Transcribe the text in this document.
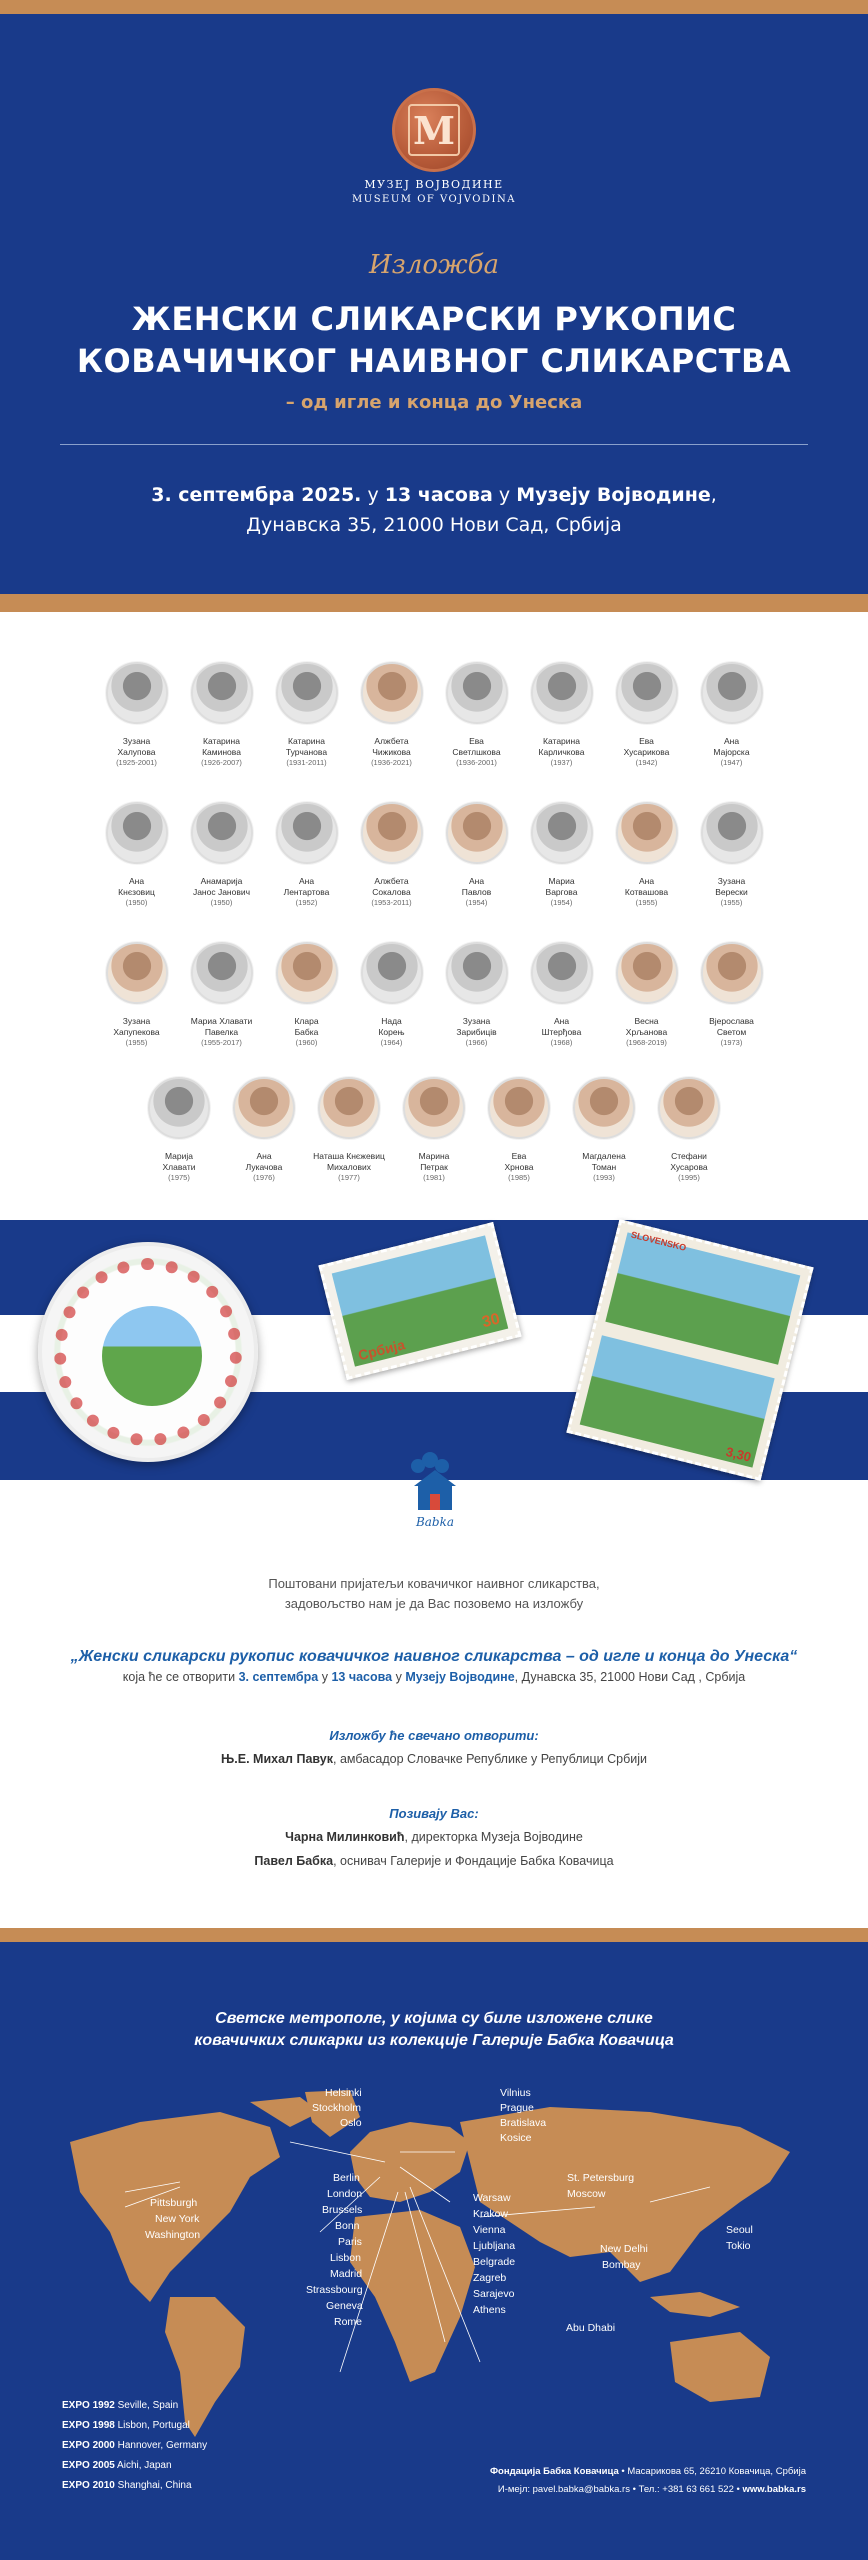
М
МУЗЕЈ ВОЈВОДИНЕ
MUSEUM OF VOJVODINA
Изложба
ЖЕНСКИ СЛИКАРСКИ РУКОПИС
КОВАЧИЧКОГ НАИВНОГ СЛИКАРСТВА
– од игле и конца до Унеска
3. септембра 2025. у 13 часова у Музеју Војводине,
Дунавска 35, 21000 Нови Сад, Србија
Зузана
Халупова
(1925-2001)
Катарина
Каминова
(1926-2007)
Катарина
Турчанова
(1931-2011)
Алжбета
Чижикова
(1936-2021)
Ева
Светлшкова
(1936-2001)
Катарина
Карличкова
(1937)
Ева
Хусарикова
(1942)
Ана
Мајорска
(1947)
Ана
Кнєзовиц
(1950)
Анамарија
Јанос Јанович
(1950)
Ана
Лентартова
(1952)
Алжбета
Сокалова
(1953-2011)
Ана
Павлов
(1954)
Мариа
Варгова
(1954)
Ана
Котвашова
(1955)
Зузана
Верески
(1955)
Зузана
Хапупекова
(1955)
Мариа Хлавати
Павелка
(1955-2017)
Клара
Бабка
(1960)
Нада
Корењ
(1964)
Зузана
Зарибиців
(1966)
Ана
Штерђова
(1968)
Весна
Хрљанова
(1968-2019)
Вјерослава
Светом
(1973)
Марија
Хлавати
(1975)
Ана
Лукачова
(1976)
Наташа Кнєжевиц
Михалових
(1977)
Марина
Петрак
(1981)
Ева
Хрнова
(1985)
Магдалена
Томан
(1993)
Стефани
Хусарова
(1995)
Србија
30
SLOVENSKO
3,30
Babka
Поштовани пријатељи ковачичког наивног сликарства,
задовољство нам је да Вас позовемо на изложбу
„Женски сликарски рукопис ковачичког наивног сликарства – од игле и конца до Унеска“
која ће се отворити 3. септембра у 13 часова у Музеју Војводине, Дунавска 35, 21000 Нови Сад , Србија
Изложбу ће свечано отворити:
Њ.Е. Михал Павук, амбасадор Словачке Републике у Републици Србији
Позивају Вас:
Чарна Милинковић, директорка Музеја Војводине
Павел Бабка, оснивач Галерије и Фондације Бабка Ковачица
Светске метрополе, у којима су биле изложене слике
ковачичких сликарки из колекције Галерије Бабка Ковачица
Helsinki
Stockholm
Oslo
Vilnius
Prague
Bratislava
Kosice
Berlin
London
Brussels
Bonn
Paris
Lisbon
Madrid
Strassbourg
Geneva
Rome
Warsaw
Krakow
Vienna
Ljubljana
Belgrade
Zagreb
Sarajevo
Athens
St. Petersburg
Moscow
Pittsburgh
New York
Washington
New Delhi
Bombay
Abu Dhabi
Seoul
Tokio
EXPO 1992 Seville, Spain
EXPO 1998 Lisbon, Portugal
EXPO 2000 Hannover, Germany
EXPO 2005 Aichi, Japan
EXPO 2010 Shanghai, China
Фондација Бабка Ковачица • Масарикова 65, 26210 Ковачица, Србија
И-мејл: pavel.babka@babka.rs • Тел.: +381 63 661 522 • www.babka.rs
